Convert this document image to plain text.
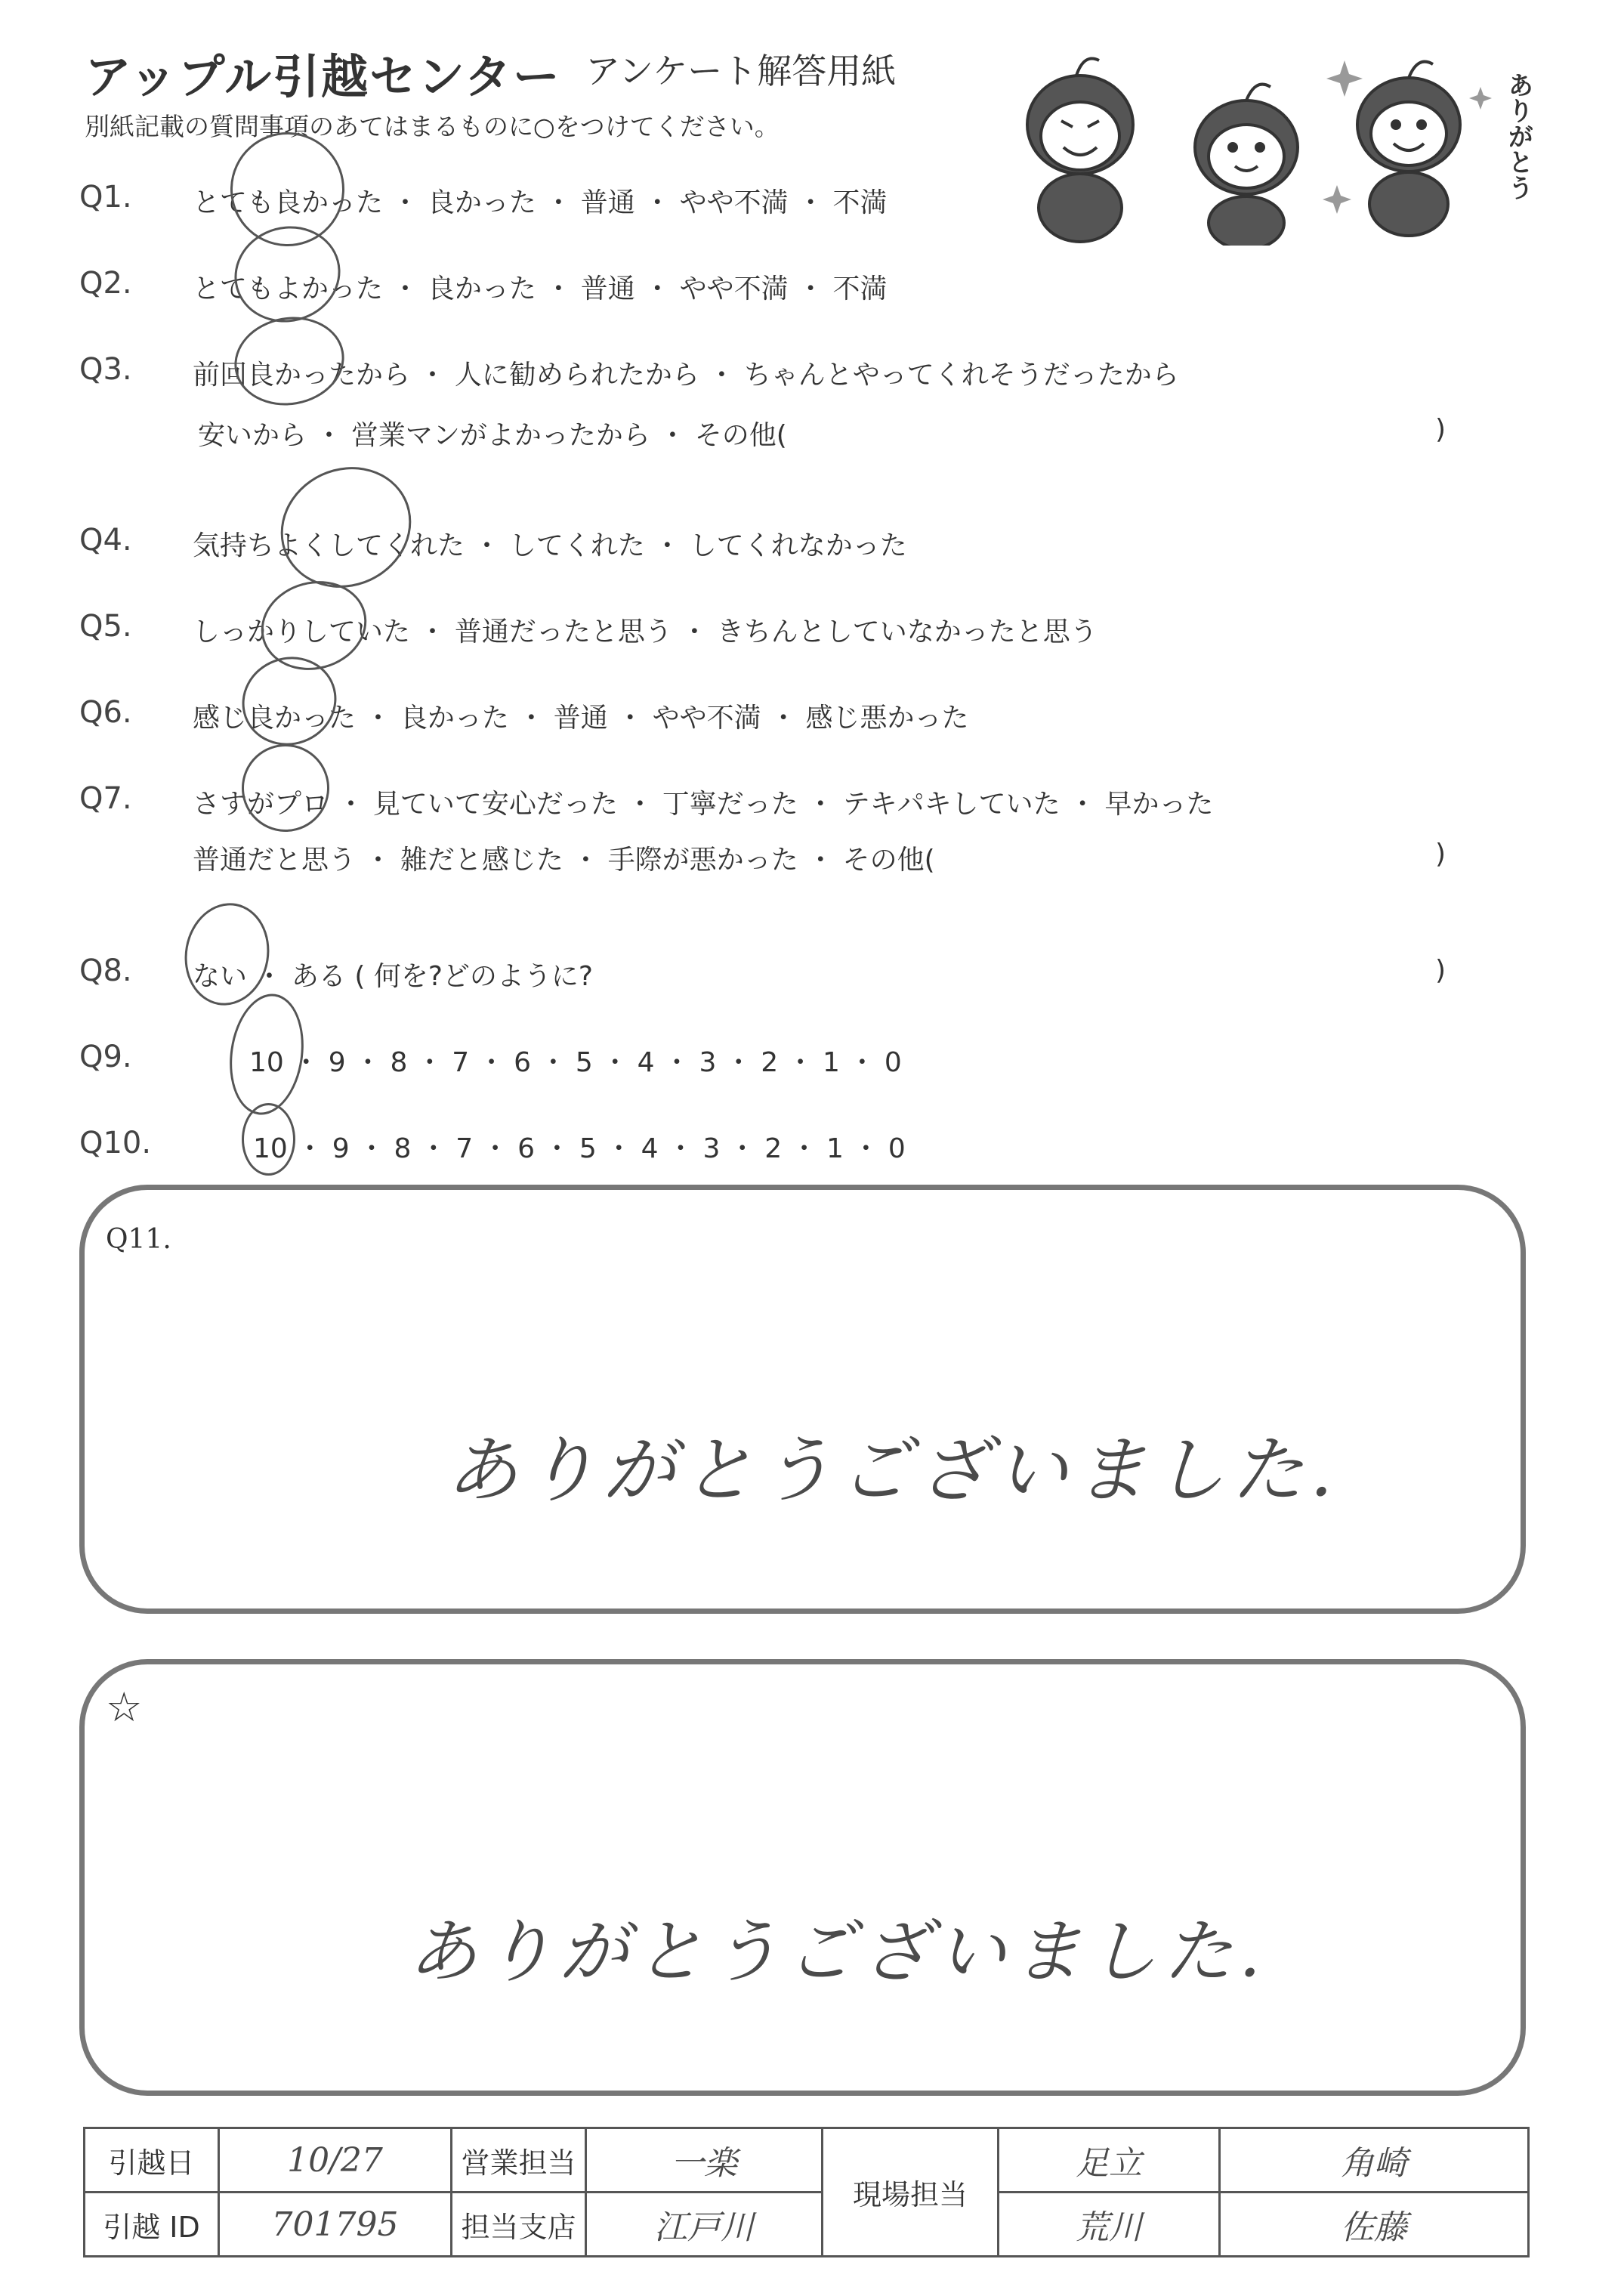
アップル引越センター アンケート解答用紙
別紙記載の質問事項のあてはまるものに○をつけてください。	ありがとう
Q1. とても良かった ・ 良かった ・ 普通 ・ やや不満 ・ 不満
Q2. とてもよかった ・ 良かった ・ 普通 ・ やや不満 ・ 不満
Q3. 前回良かったから ・ 人に勧められたから ・ ちゃんとやってくれそうだったから
安いから ・ 営業マンがよかったから ・ その他(	)
Q4. 気持ちよくしてくれた ・ してくれた ・ してくれなかった
Q5. しっかりしていた ・ 普通だったと思う ・ きちんとしていなかったと思う
Q6. 感じ良かった ・ 良かった ・ 普通 ・ やや不満 ・ 感じ悪かった
Q7. さすがプロ ・ 見ていて安心だった ・ 丁寧だった ・ テキパキしていた ・ 早かった
普通だと思う ・ 雑だと感じた ・ 手際が悪かった ・ その他(	)
Q8. ない ・ ある ( 何を?どのように?	)
Q9.	10 ・ 9 ・ 8 ・ 7 ・ 6 ・ 5 ・ 4 ・ 3 ・ 2 ・ 1 ・ 0
Q10.	10 ・ 9 ・ 8 ・ 7 ・ 6 ・ 5 ・ 4 ・ 3 ・ 2 ・ 1 ・ 0
Q11.
ありがとうございました.
☆
ありがとうございました.
引越日	10/27	営業担当	一楽	現場担当	足立	角崎
引越 ID	701795	担当支店	江戸川		荒川	佐藤
